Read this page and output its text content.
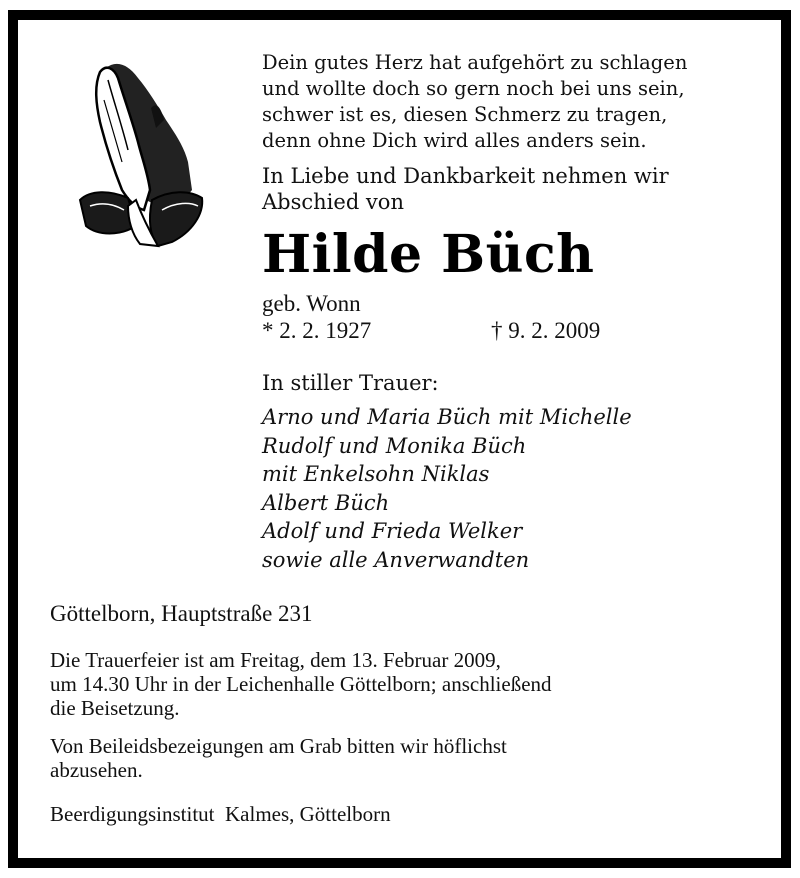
Dein gutes Herz hat aufgehört zu schlagen
und wollte doch so gern noch bei uns sein,
schwer ist es, diesen Schmerz zu tragen,
denn ohne Dich wird alles anders sein.
In Liebe und Dankbarkeit nehmen wir
Abschied von
Hilde Büch
geb. Wonn
* 2. 2. 1927	† 9. 2. 2009
In stiller Trauer:
Arno und Maria Büch mit Michelle
Rudolf und Monika Büch
mit Enkelsohn Niklas
Albert Büch
Adolf und Frieda Welker
sowie alle Anverwandten
Göttelborn, Hauptstraße 231
Die Trauerfeier ist am Freitag, dem 13. Februar 2009,
um 14.30 Uhr in der Leichenhalle Göttelborn; anschließend
die Beisetzung.
Von Beileidsbezeigungen am Grab bitten wir höflichst
abzusehen.
Beerdigungsinstitut  Kalmes, Göttelborn
